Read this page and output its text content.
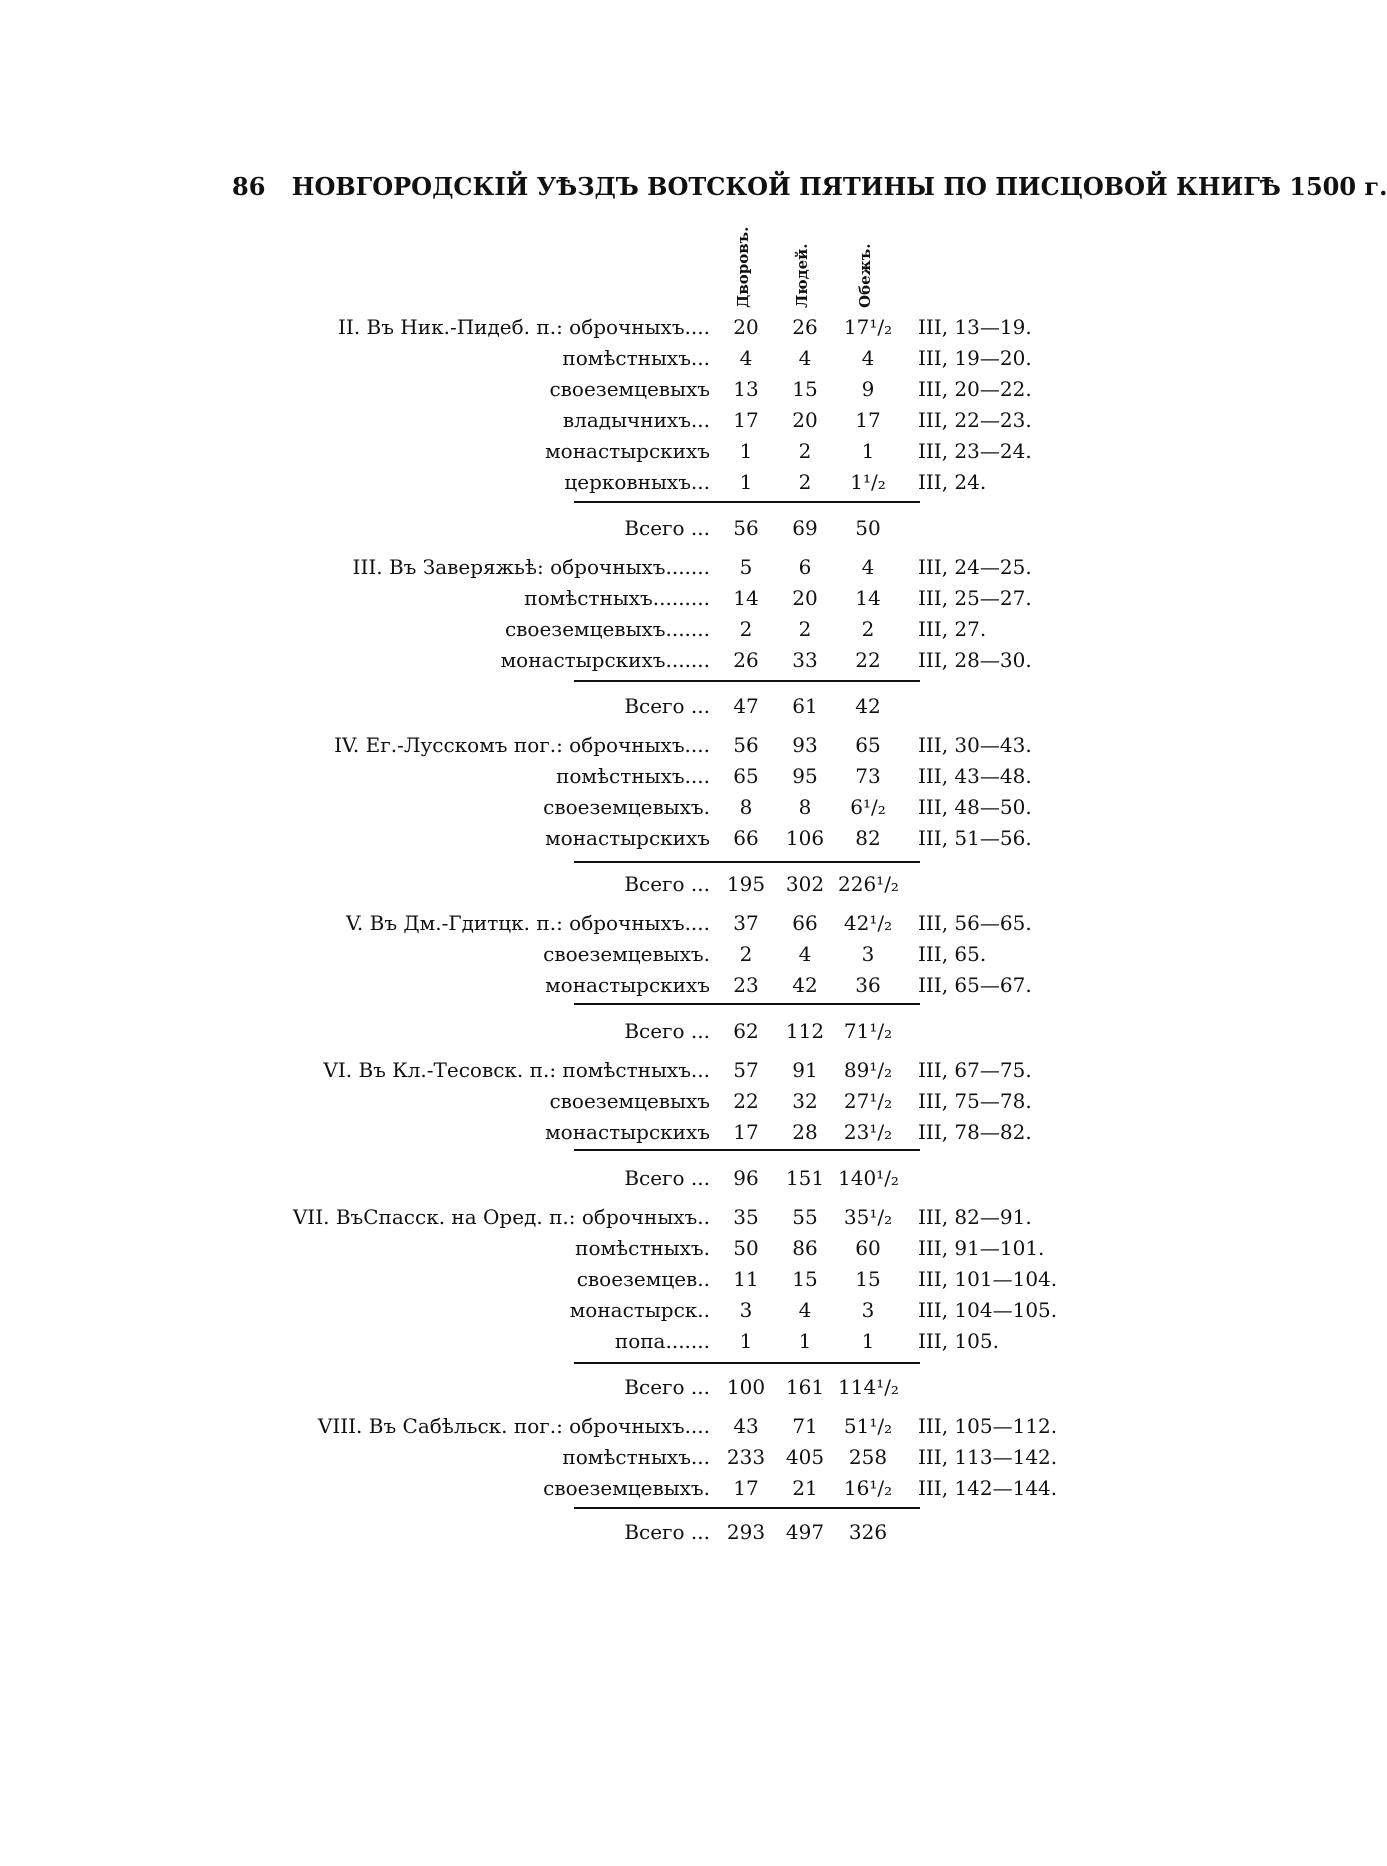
86 НОВГОРОДСКІЙ УѢЗДЪ ВОТСКОЙ ПЯТИНЫ ПО ПИСЦОВОЙ КНИГѢ 1500 г.
Дворовъ.	Людей.	Обежъ.
II. Въ Ник.-Пидеб. п.: оброчныхъ....	20	26	17¹/₂ III, 13—19.
помѣстныхъ...	4	4	4	III, 19—20.
своеземцевыхъ	13	15	9	III, 20—22.
владычнихъ...	17	20	17	III, 22—23.
монастырскихъ	1	2	1	III, 23—24.
церковныхъ...	1	2	1¹/₂	III, 24.
Всего ...	56	69	50
III. Въ Заверяжьѣ: оброчныхъ.......	5	6	4	III, 24—25.
помѣстныхъ.........	14	20	14	III, 25—27.
своеземцевыхъ.......	2	2	2	III, 27.
монастырскихъ.......	26	33	22	III, 28—30.
Всего ...	47	61	42
IV. Ег.-Лусскомъ пог.: оброчныхъ....	56	93	65	III, 30—43.
помѣстныхъ....	65	95	73	III, 43—48.
своеземцевыхъ.	8	8	6¹/₂	III, 48—50.
монастырскихъ	66	106	82	III, 51—56.
Всего ... 195	302 226¹/₂
V. Въ Дм.-Гдитцк. п.: оброчныхъ....	37	66	42¹/₂ III, 56—65.
своеземцевыхъ.	2	4	3	III, 65.
монастырскихъ	23	42	36	III, 65—67.
Всего ...	62	112 71¹/₂
VI. Въ Кл.-Тесовск. п.: помѣстныхъ...	57	91	89¹/₂ III, 67—75.
своеземцевыхъ	22	32	27¹/₂ III, 75—78.
монастырскихъ	17	28	23¹/₂ III, 78—82.
Всего ...	96	151 140¹/₂
VII. ВъСпасск. на Оред. п.: оброчныхъ..	35	55	35¹/₂ III, 82—91.
помѣстныхъ.	50	86	60	III, 91—101.
своеземцев..	11	15	15	III, 101—104.
монастырск..	3	4	3	III, 104—105.
попа.......	1	1	1	III, 105.
Всего ... 100	161 114¹/₂
VIII. Въ Сабѣльск. пог.: оброчныхъ....	43	71	51¹/₂ III, 105—112.
помѣстныхъ... 233	405	258	III, 113—142.
своеземцевыхъ.	17	21	16¹/₂ III, 142—144.
Всего ... 293	497	326
